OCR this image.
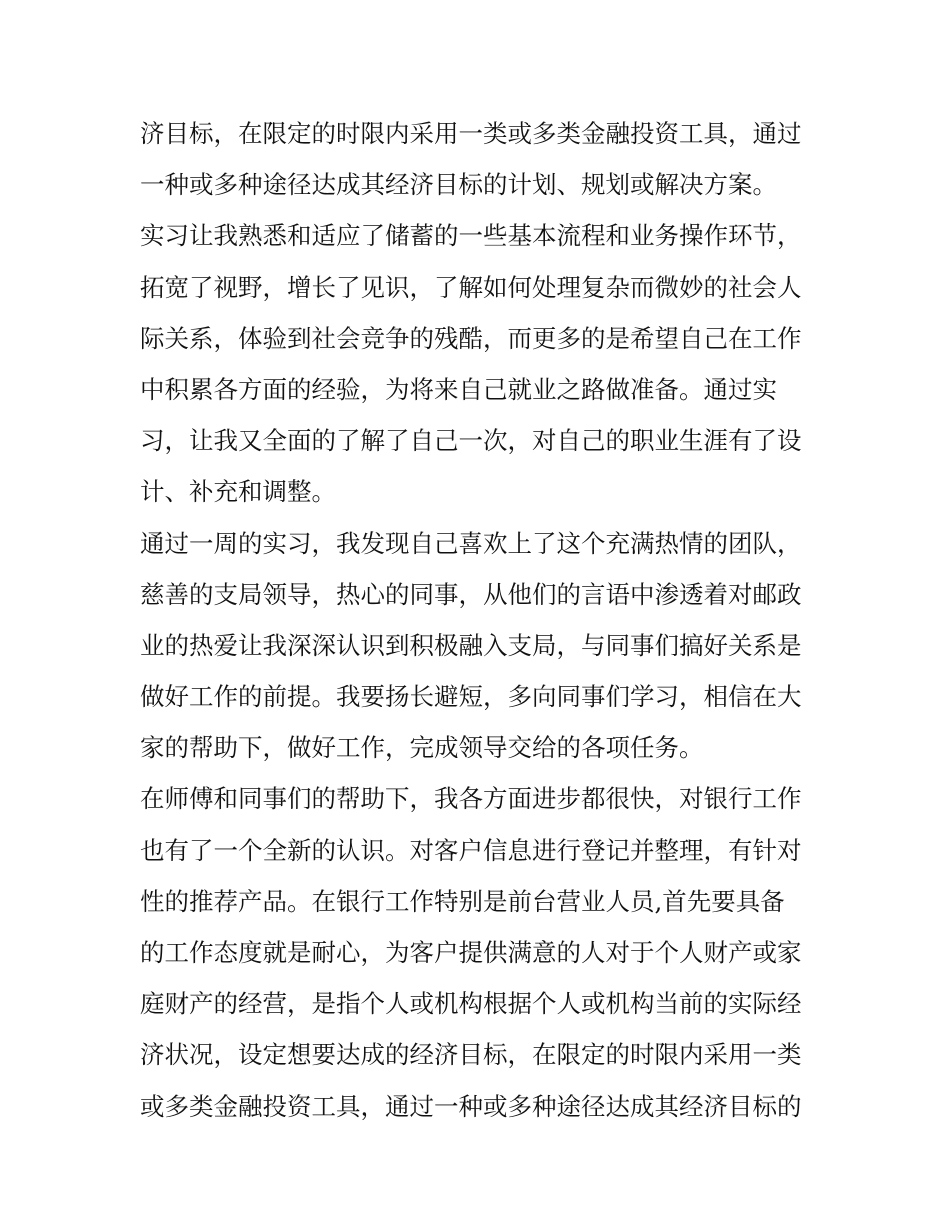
济目标，在限定的时限内采用一类或多类金融投资工具，通过
一种或多种途径达成其经济目标的计划、规划或解决方案。
实习让我熟悉和适应了储蓄的一些基本流程和业务操作环节，
拓宽了视野，增长了见识，了解如何处理复杂而微妙的社会人
际关系，体验到社会竞争的残酷，而更多的是希望自己在工作
中积累各方面的经验，为将来自己就业之路做准备。通过实
习，让我又全面的了解了自己一次，对自己的职业生涯有了设
计、补充和调整。
通过一周的实习，我发现自己喜欢上了这个充满热情的团队，
慈善的支局领导，热心的同事，从他们的言语中渗透着对邮政
业的热爱让我深深认识到积极融入支局，与同事们搞好关系是
做好工作的前提。我要扬长避短，多向同事们学习，相信在大
家的帮助下，做好工作，完成领导交给的各项任务。
在师傅和同事们的帮助下，我各方面进步都很快，对银行工作
也有了一个全新的认识。对客户信息进行登记并整理，有针对
性的推荐产品。在银行工作特别是前台营业人员,首先要具备
的工作态度就是耐心，为客户提供满意的人对于个人财产或家
庭财产的经营，是指个人或机构根据个人或机构当前的实际经
济状况，设定想要达成的经济目标，在限定的时限内采用一类
或多类金融投资工具，通过一种或多种途径达成其经济目标的
